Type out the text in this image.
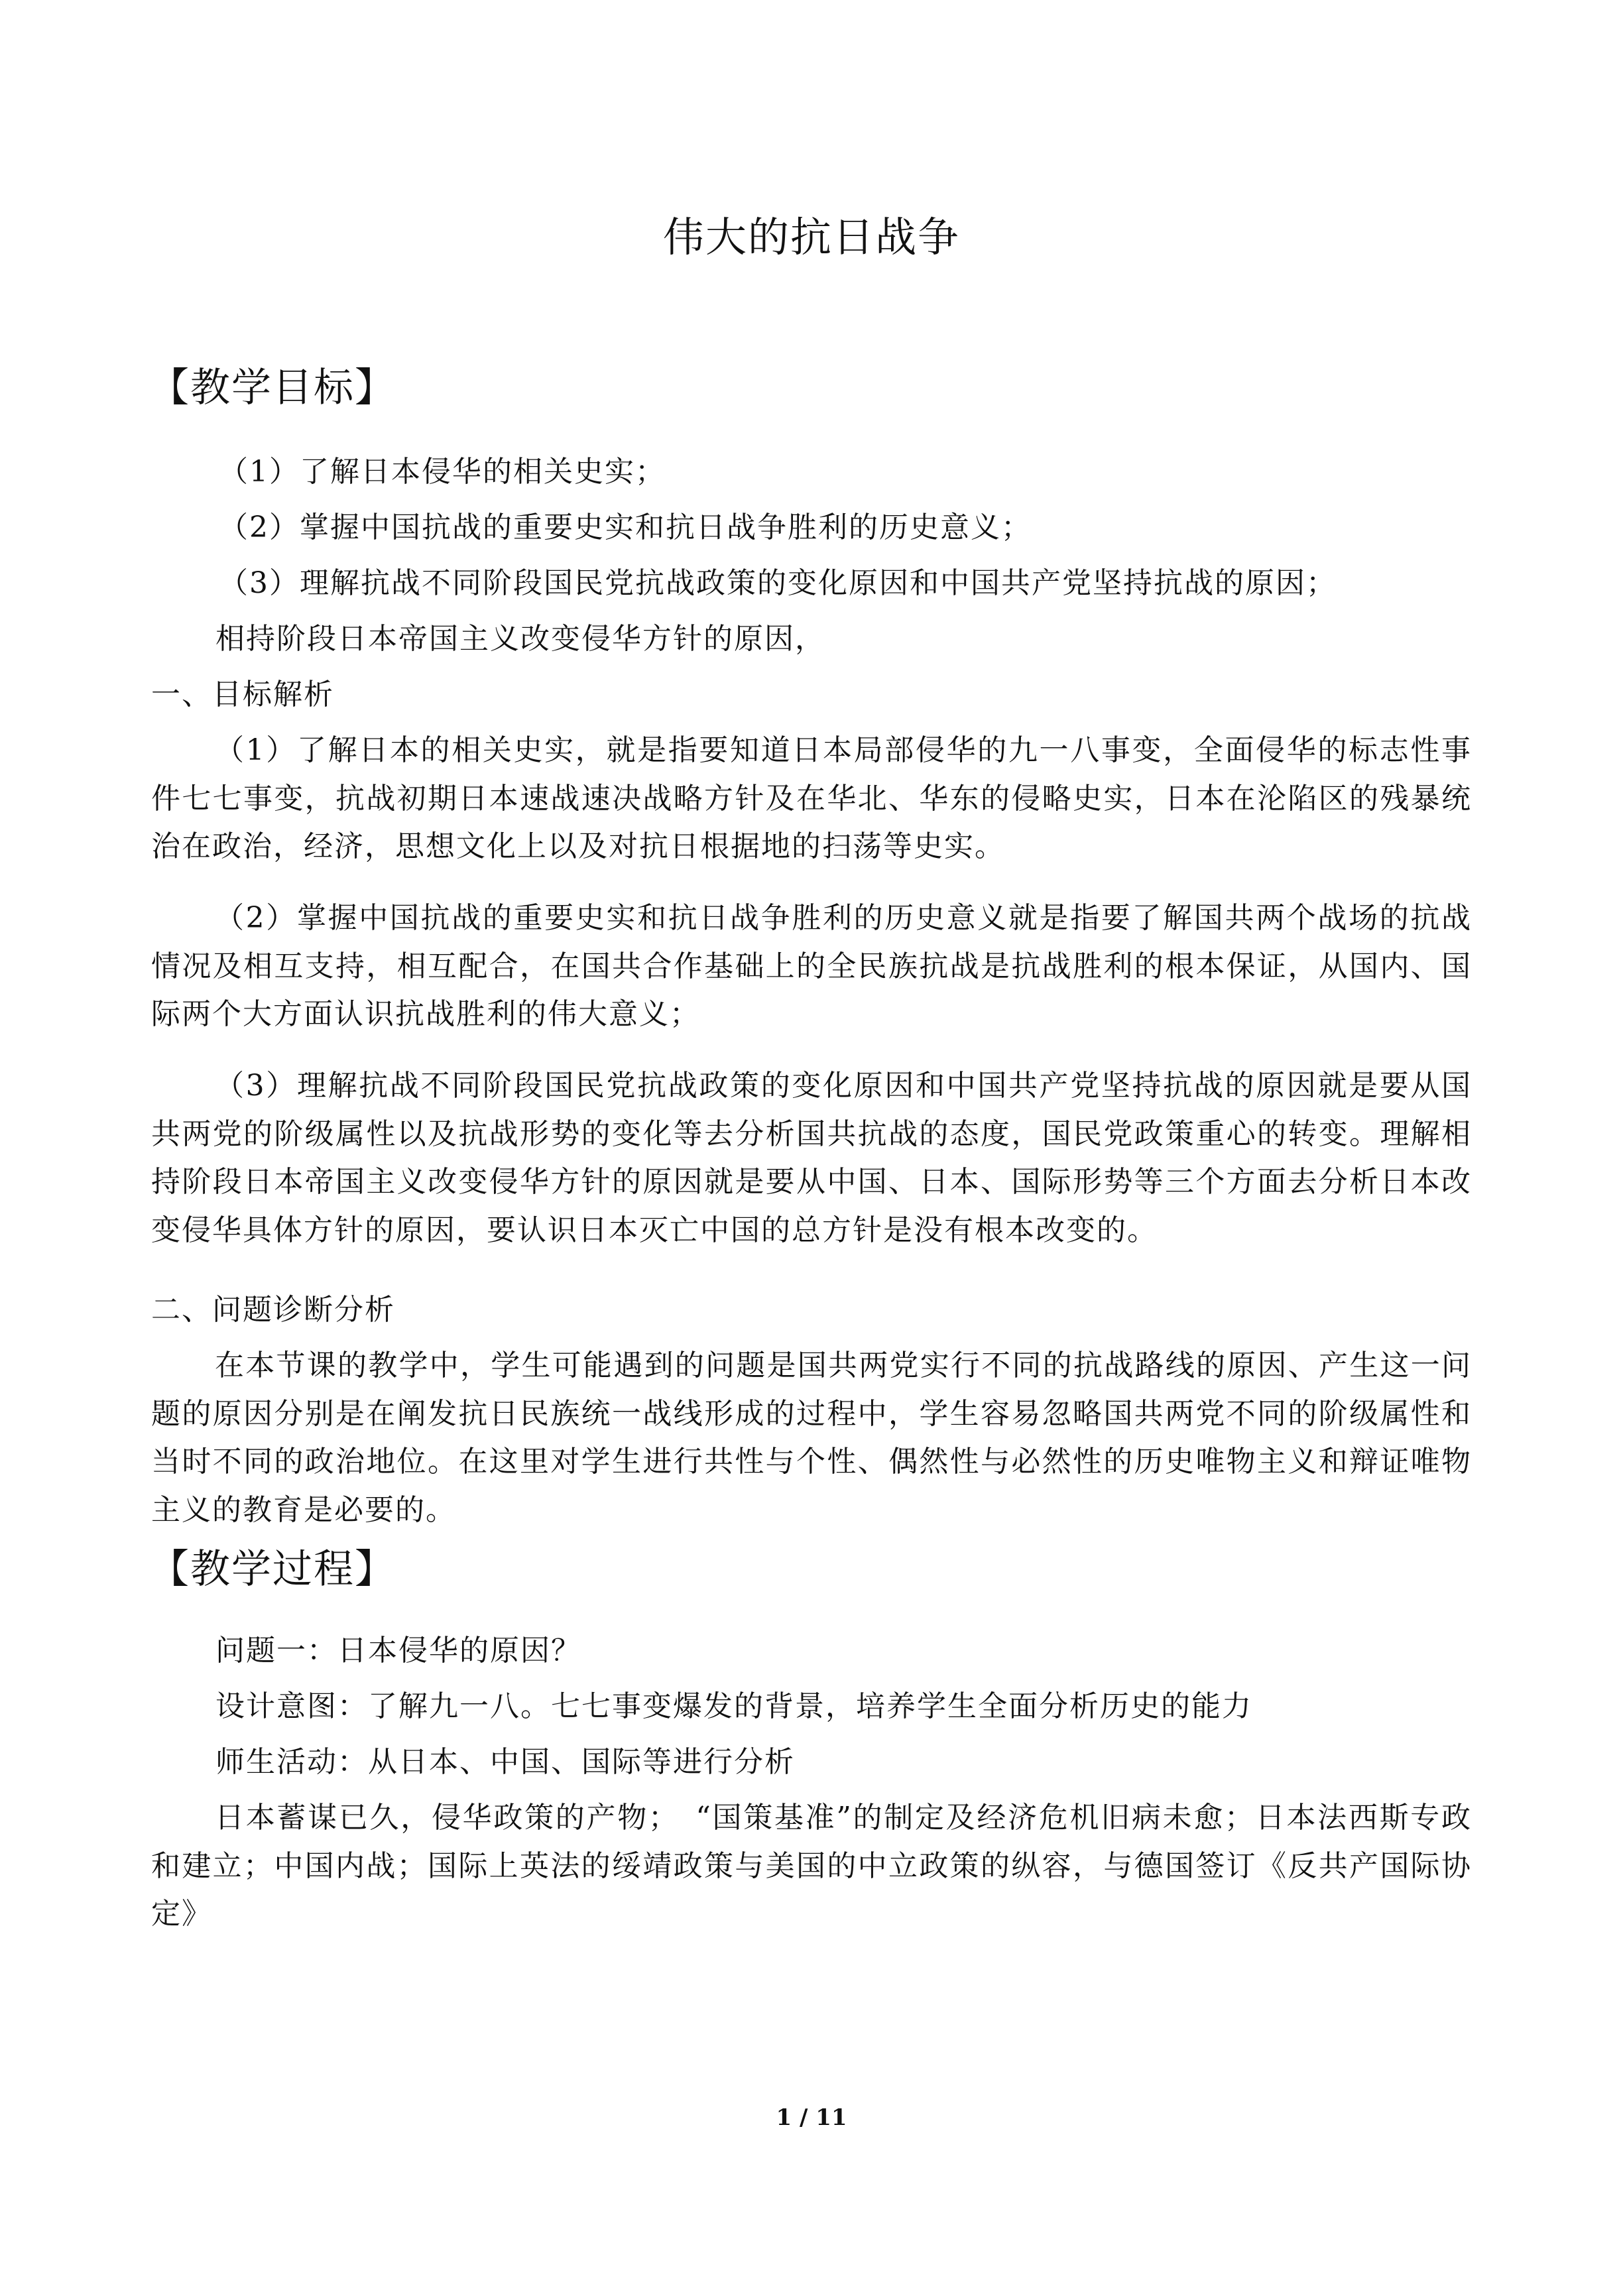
伟大的抗日战争
【教学目标】
（1）了解日本侵华的相关史实；
（2）掌握中国抗战的重要史实和抗日战争胜利的历史意义；
（3）理解抗战不同阶段国民党抗战政策的变化原因和中国共产党坚持抗战的原因；
相持阶段日本帝国主义改变侵华方针的原因，
一、目标解析
（1）了解日本的相关史实，就是指要知道日本局部侵华的九一八事变，全面侵华的标志性事件七七事变，抗战初期日本速战速决战略方针及在华北、华东的侵略史实，日本在沦陷区的残暴统治在政治，经济，思想文化上以及对抗日根据地的扫荡等史实。
（2）掌握中国抗战的重要史实和抗日战争胜利的历史意义就是指要了解国共两个战场的抗战情况及相互支持，相互配合，在国共合作基础上的全民族抗战是抗战胜利的根本保证，从国内、国际两个大方面认识抗战胜利的伟大意义；
（3）理解抗战不同阶段国民党抗战政策的变化原因和中国共产党坚持抗战的原因就是要从国共两党的阶级属性以及抗战形势的变化等去分析国共抗战的态度，国民党政策重心的转变。理解相持阶段日本帝国主义改变侵华方针的原因就是要从中国、日本、国际形势等三个方面去分析日本改变侵华具体方针的原因，要认识日本灭亡中国的总方针是没有根本改变的。
二、问题诊断分析
在本节课的教学中，学生可能遇到的问题是国共两党实行不同的抗战路线的原因、产生这一问题的原因分别是在阐发抗日民族统一战线形成的过程中，学生容易忽略国共两党不同的阶级属性和当时不同的政治地位。在这里对学生进行共性与个性、偶然性与必然性的历史唯物主义和辩证唯物主义的教育是必要的。
【教学过程】
问题一：日本侵华的原因？
设计意图：了解九一八。七七事变爆发的背景，培养学生全面分析历史的能力
师生活动：从日本、中国、国际等进行分析
日本蓄谋已久，侵华政策的产物；　“国策基准”的制定及经济危机旧病未愈；日本法西斯专政和建立；中国内战；国际上英法的绥靖政策与美国的中立政策的纵容，与德国签订《反共产国际协定》
1 / 11
